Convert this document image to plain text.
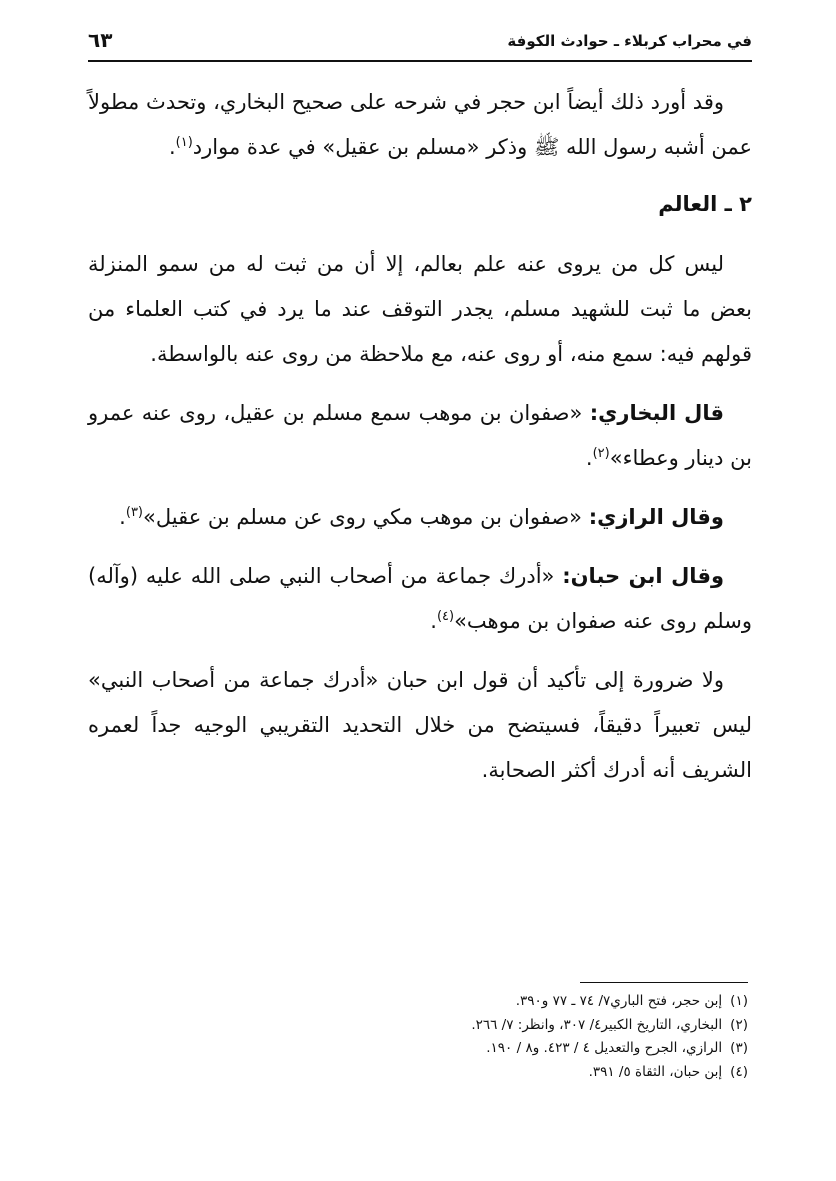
في محراب كربلاء ـ حوادث الكوفة
٦٣

وقد أورد ذلك أيضاً ابن حجر في شرحه على صحيح البخاري، وتحدث مطولاً عمن أشبه رسول الله ﷺ وذكر «مسلم بن عقيل» في عدة موارد$^{(١)}$.

٢ ـ العالم

ليس كل من يروى عنه علم بعالم، إلا أن من ثبت له من سمو المنزلة بعض ما ثبت للشهيد مسلم، يجدر التوقف عند ما يرد في كتب العلماء من قولهم فيه: سمع منه، أو روى عنه، مع ملاحظة من روى عنه بالواسطة.

قال البخاري: «صفوان بن موهب سمع مسلم بن عقيل، روى عنه عمرو بن دينار وعطاء»$^{(٢)}$.

وقال الرازي: «صفوان بن موهب مكي روى عن مسلم بن عقيل»$^{(٣)}$.

وقال ابن حبان: «أدرك جماعة من أصحاب النبي صلى الله عليه (وآله) وسلم روى عنه صفوان بن موهب»$^{(٤)}$.

ولا ضرورة إلى تأكيد أن قول ابن حبان «أدرك جماعة من أصحاب النبي» ليس تعبيراً دقيقاً، فسيتضح من خلال التحديد التقريبي الوجيه جداً لعمره الشريف أنه أدرك أكثر الصحابة.

(١)إبن حجر، فتح الباري٧/ ٧٤ ـ ٧٧ و٣٩٠.
(٢)البخاري، التاريخ الكبير٤/ ٣٠٧، وانظر: ٧/ ٢٦٦.
(٣)الرازي، الجرح والتعديل ٤ / ٤٢٣. و٨ / ١٩٠.
(٤)إبن حبان، الثقاة ٥/ ٣٩١.
